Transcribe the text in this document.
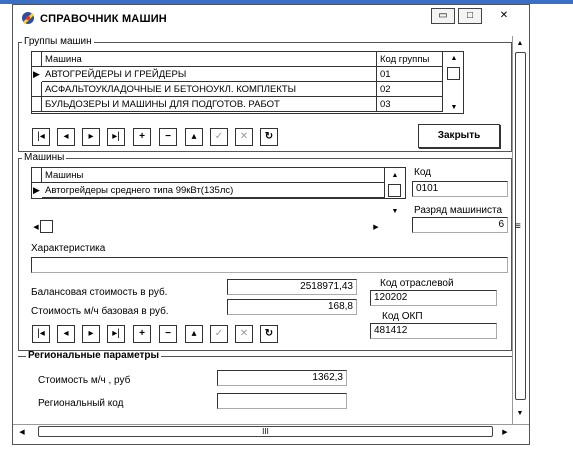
СПРАВОЧНИК МАШИН	▭	□	✕
▲
▼
Группы машин
Машина	Код группы
▶ АВТОГРЕЙДЕРЫ И ГРЕЙДЕРЫ	01
АСФАЛЬТОУКЛАДОЧНЫЕ И БЕТОНОУКЛ. КОМПЛЕКТЫ	02
БУЛЬДОЗЕРЫ И МАШИНЫ ДЛЯ ПОДГОТОВ. РАБОТ	03
▲
▼
|◂ ◂ ▸ ▸| + − ▴ ✓ ✕ ↻	Закрыть
Машины
Машины
▶ Автогрейдеры среднего типа 99кВт(135лс)
▲
▼
◀	▶
Код
0101
Разряд машиниста
6	≡
Характеристика
Балансовая стоимость в руб.
2518971,43
Стоимость м/ч базовая в руб.	168,8
Код отраслевой
120202
Код ОКП
481412
|◂ ◂ ▸ ▸| + − ▴ ✓ ✕ ↻
Региональные параметры
Стоимость м/ч , руб	1362,3
Региональный код
◀	III	▶
